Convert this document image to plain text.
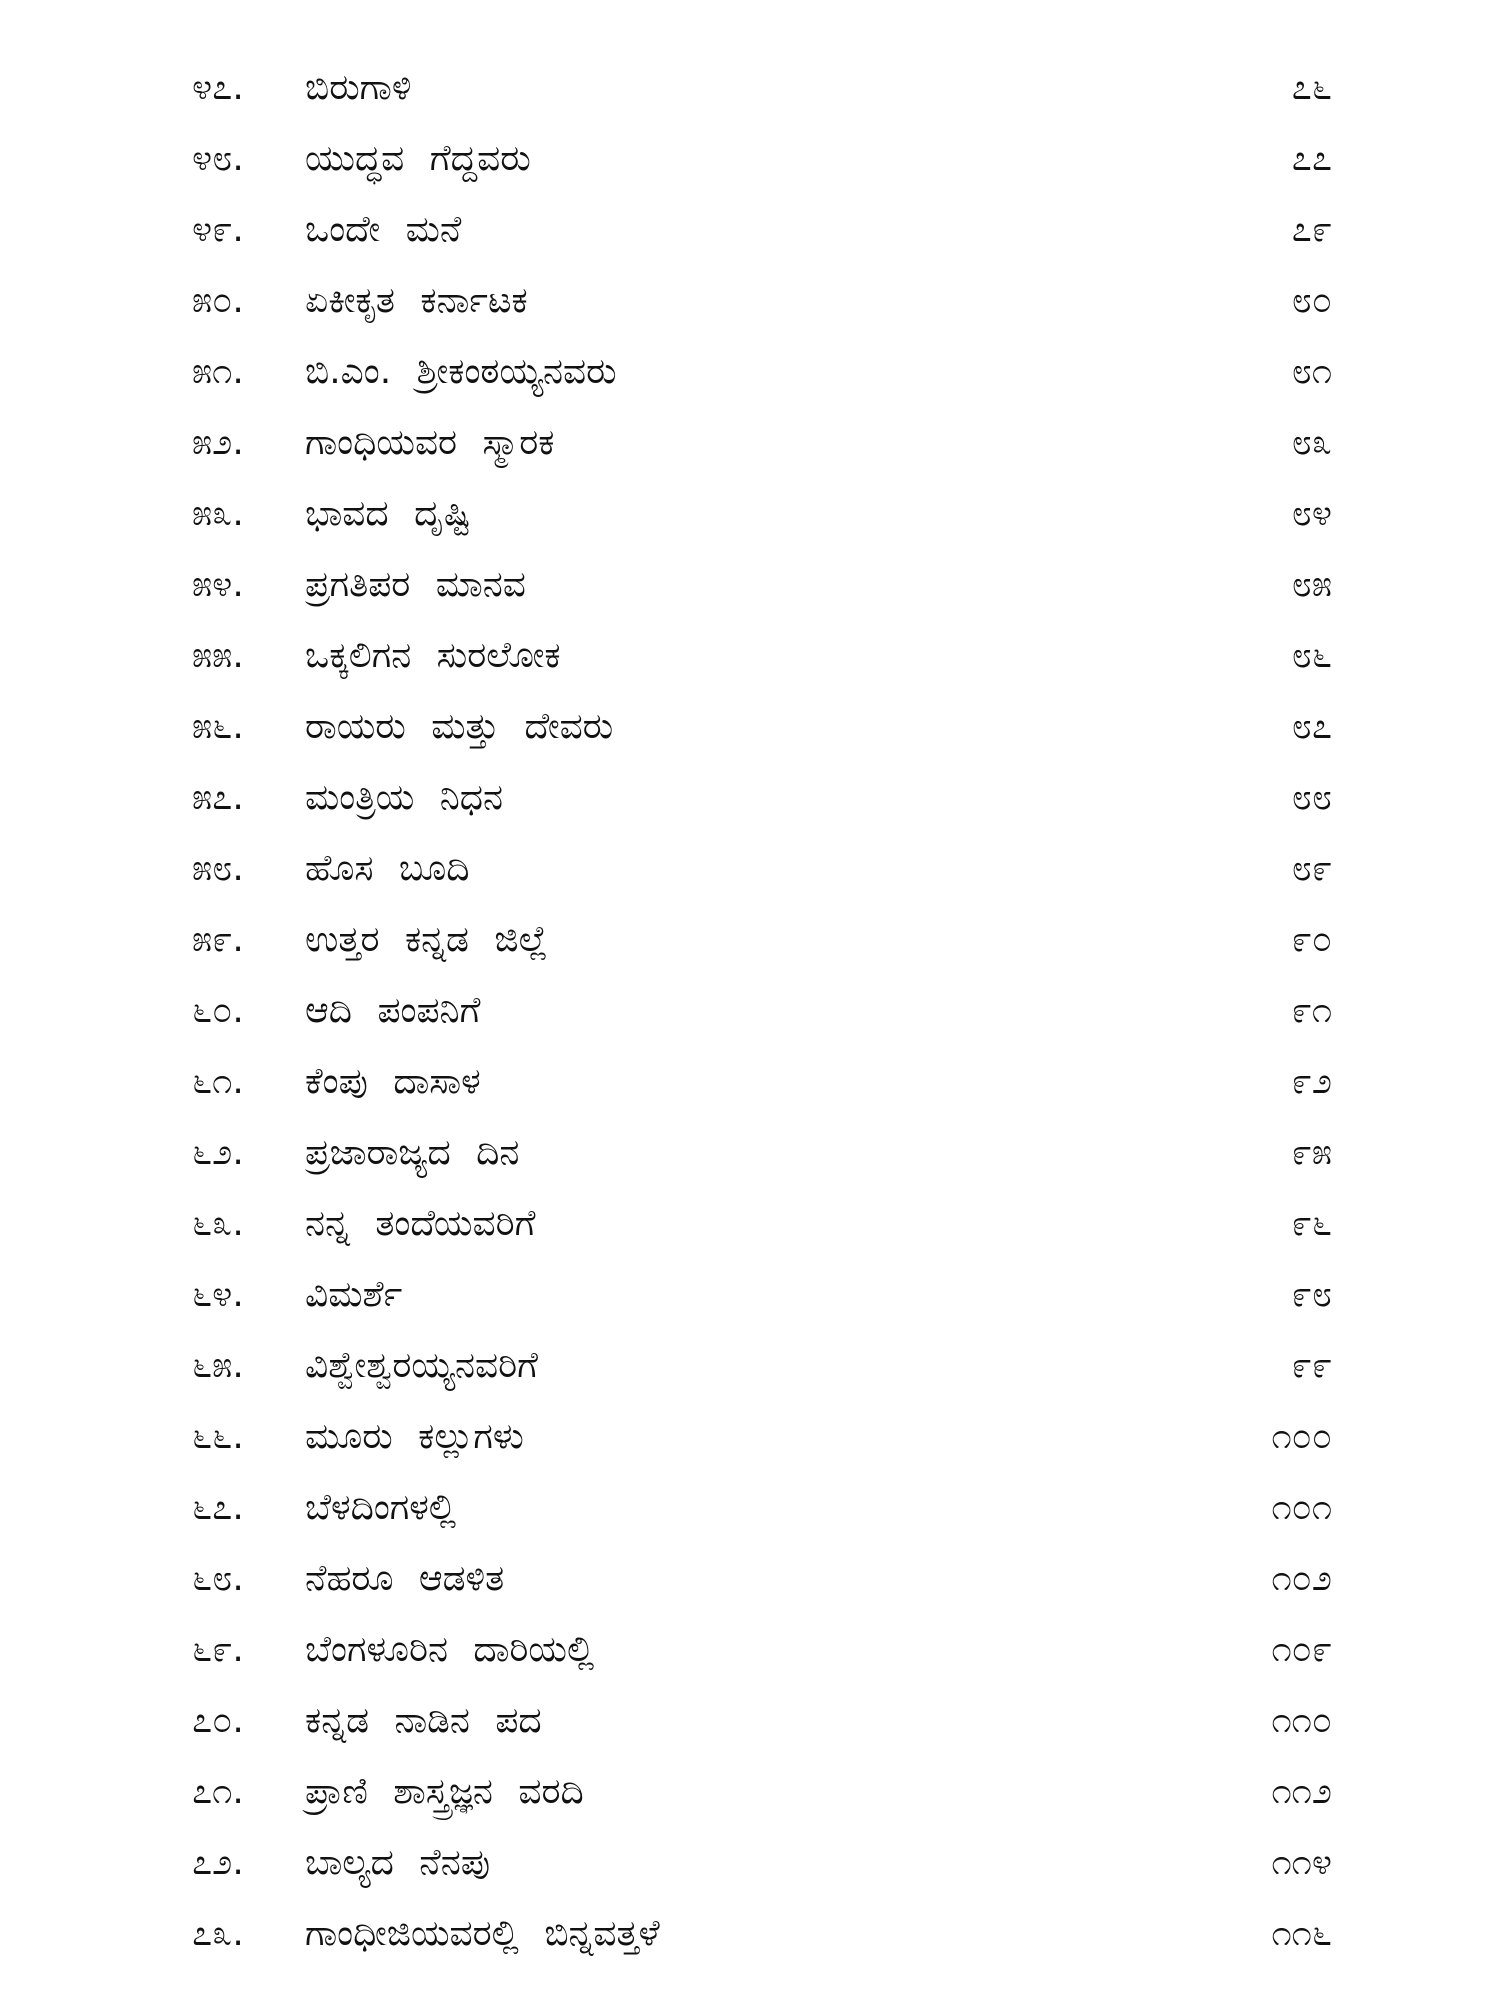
೪೭.	ಬಿರುಗಾಳಿ	೭೬
೪೮.	ಯುದ್ಧವ ಗೆದ್ದವರು	೭೭
೪೯.	ಒಂದೇ ಮನೆ	೭೯
೫೦.	ಏಕೀಕೃತ ಕರ್ನಾಟಕ	೮೦
೫೧.	ಬಿ.ಎಂ. ಶ್ರೀಕಂಠಯ್ಯನವರು	೮೧
೫೨.	ಗಾಂಧಿಯವರ ಸ್ಮಾರಕ	೮೩
೫೩.	ಭಾವದ ದೃಷ್ಟಿ	೮೪
೫೪.	ಪ್ರಗತಿಪರ ಮಾನವ	೮೫
೫೫.	ಒಕ್ಕಲಿಗನ ಸುರಲೋಕ	೮೬
೫೬.	ರಾಯರು ಮತ್ತು ದೇವರು	೮೭
೫೭.	ಮಂತ್ರಿಯ ನಿಧನ	೮೮
೫೮.	ಹೊಸ ಬೂದಿ	೮೯
೫೯.	ಉತ್ತರ ಕನ್ನಡ ಜಿಲ್ಲೆ	೯೦
೬೦.	ಆದಿ ಪಂಪನಿಗೆ	೯೧
೬೧.	ಕೆಂಪು ದಾಸಾಳ	೯೨
೬೨.	ಪ್ರಜಾರಾಜ್ಯದ ದಿನ	೯೫
೬೩.	ನನ್ನ ತಂದೆಯವರಿಗೆ	೯೬
೬೪.	ವಿಮರ್ಶೆ	೯೮
೬೫.	ವಿಶ್ವೇಶ್ವರಯ್ಯನವರಿಗೆ	೯೯
೬೬.	ಮೂರು ಕಲ್ಲುಗಳು	೧೦೦
೬೭.	ಬೆಳದಿಂಗಳಲ್ಲಿ	೧೦೧
೬೮.	ನೆಹರೂ ಆಡಳಿತ	೧೦೨
೬೯.	ಬೆಂಗಳೂರಿನ ದಾರಿಯಲ್ಲಿ	೧೦೯
೭೦.	ಕನ್ನಡ ನಾಡಿನ ಪದ	೧೧೦
೭೧.	ಪ್ರಾಣಿ ಶಾಸ್ತ್ರಜ್ಞನ ವರದಿ	೧೧೨
೭೨.	ಬಾಲ್ಯದ ನೆನಪು	೧೧೪
೭೩.	ಗಾಂಧೀಜಿಯವರಲ್ಲಿ ಬಿನ್ನವತ್ತಳೆ	೧೧೬
